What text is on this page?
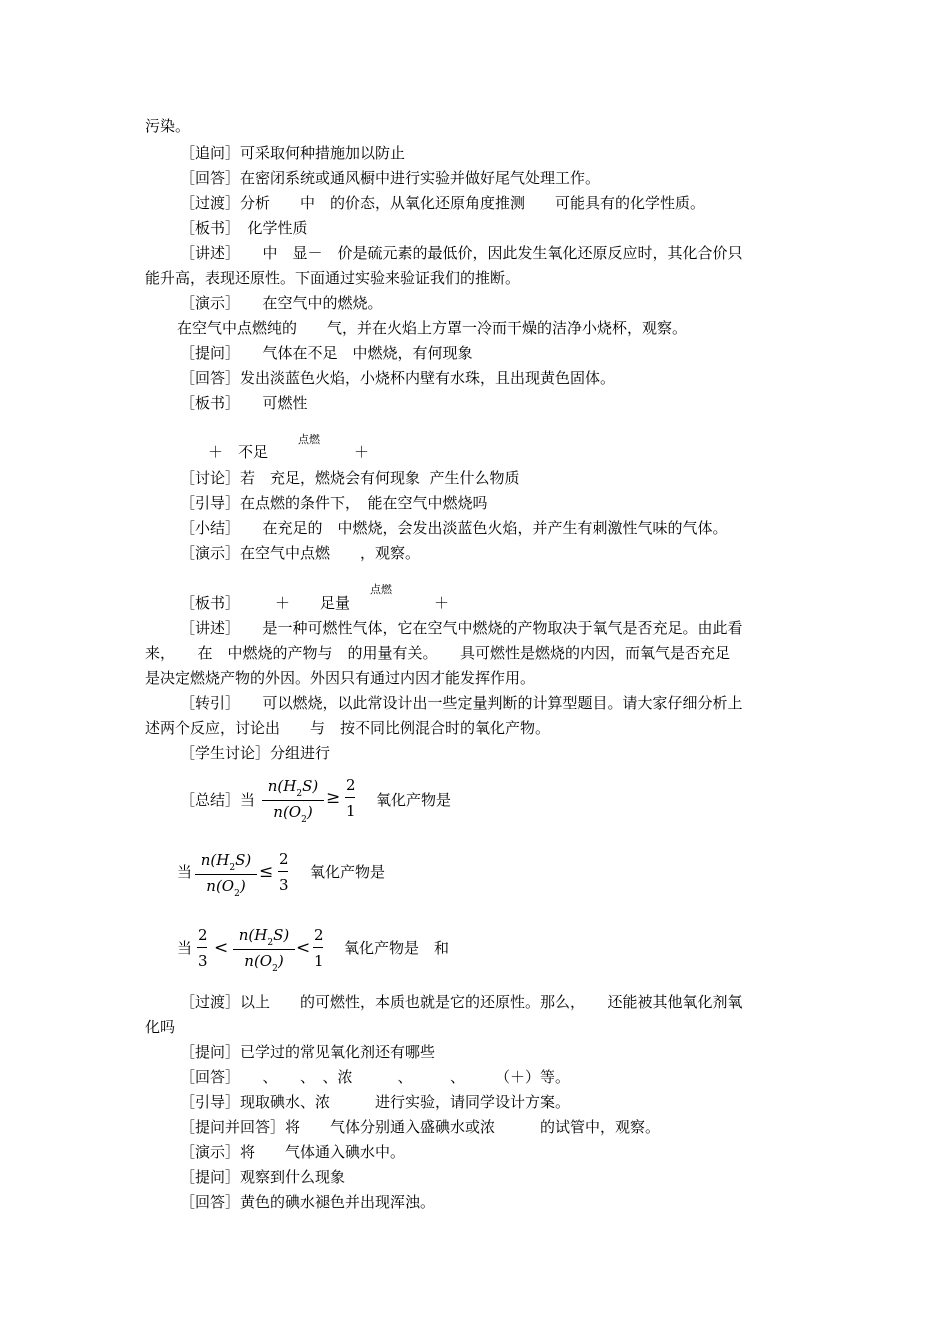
污染。
［追问］可采取何种措施加以防止
［回答］在密闭系统或通风橱中进行实验并做好尾气处理工作。
［过渡］分析　　中　的价态，从氧化还原角度推测　　可能具有的化学性质。
［板书］　化学性质
［讲述］　　中　显－　价是硫元素的最低价，因此发生氧化还原反应时，其化合价只
能升高，表现还原性。下面通过实验来验证我们的推断。
［演示］　　在空气中的燃烧。
在空气中点燃纯的　　气，并在火焰上方罩一冷而干燥的洁净小烧杯，观察。
［提问］　　气体在不足　中燃烧，有何现象
［回答］发出淡蓝色火焰，小烧杯内壁有水珠，且出现黄色固体。
［板书］　　可燃性
点燃
＋　不足	＋
［讨论］若　充足，燃烧会有何现象  产生什么物质
［引导］在点燃的条件下，　能在空气中燃烧吗
［小结］　　在充足的　中燃烧，会发出淡蓝色火焰，并产生有刺激性气味的气体。
［演示］在空气中点燃　　，观察。
点燃
［板书］ ＋　　足量	＋
［讲述］　　是一种可燃性气体，它在空气中燃烧的产物取决于氧气是否充足。由此看
来，　　在　中燃烧的产物与　的用量有关。　　具可燃性是燃烧的内因，而氧气是否充足
是决定燃烧产物的外因。外因只有通过内因才能发挥作用。
［转引］　　可以燃烧，以此常设计出一些定量判断的计算型题目。请大家仔细分析上
述两个反应，讨论出　　与　按不同比例混合时的氧化产物。
［学生讨论］分组进行
［总结］当
$n(H_2S)$
$n(O_2)$
≥
2
1
氧化产物是
当
$n(H_2S)$
$n(O_2)$
≤
2
3
氧化产物是
当
2
3
<
$n(H_2S)$
$n(O_2)$
<
2
1
氧化产物是　和
［过渡］以上　　的可燃性，本质也就是它的还原性。那么，　　还能被其他氧化剂氧
化吗
［提问］已学过的常见氧化剂还有哪些
［回答］　　、　　、　、浓　　　、　　　、　　　（＋）等。
［引导］现取碘水、浓　　　进行实验，请同学设计方案。
［提问并回答］将　　气体分别通入盛碘水或浓　　　的试管中，观察。
［演示］将　　气体通入碘水中。
［提问］观察到什么现象
［回答］黄色的碘水褪色并出现浑浊。
